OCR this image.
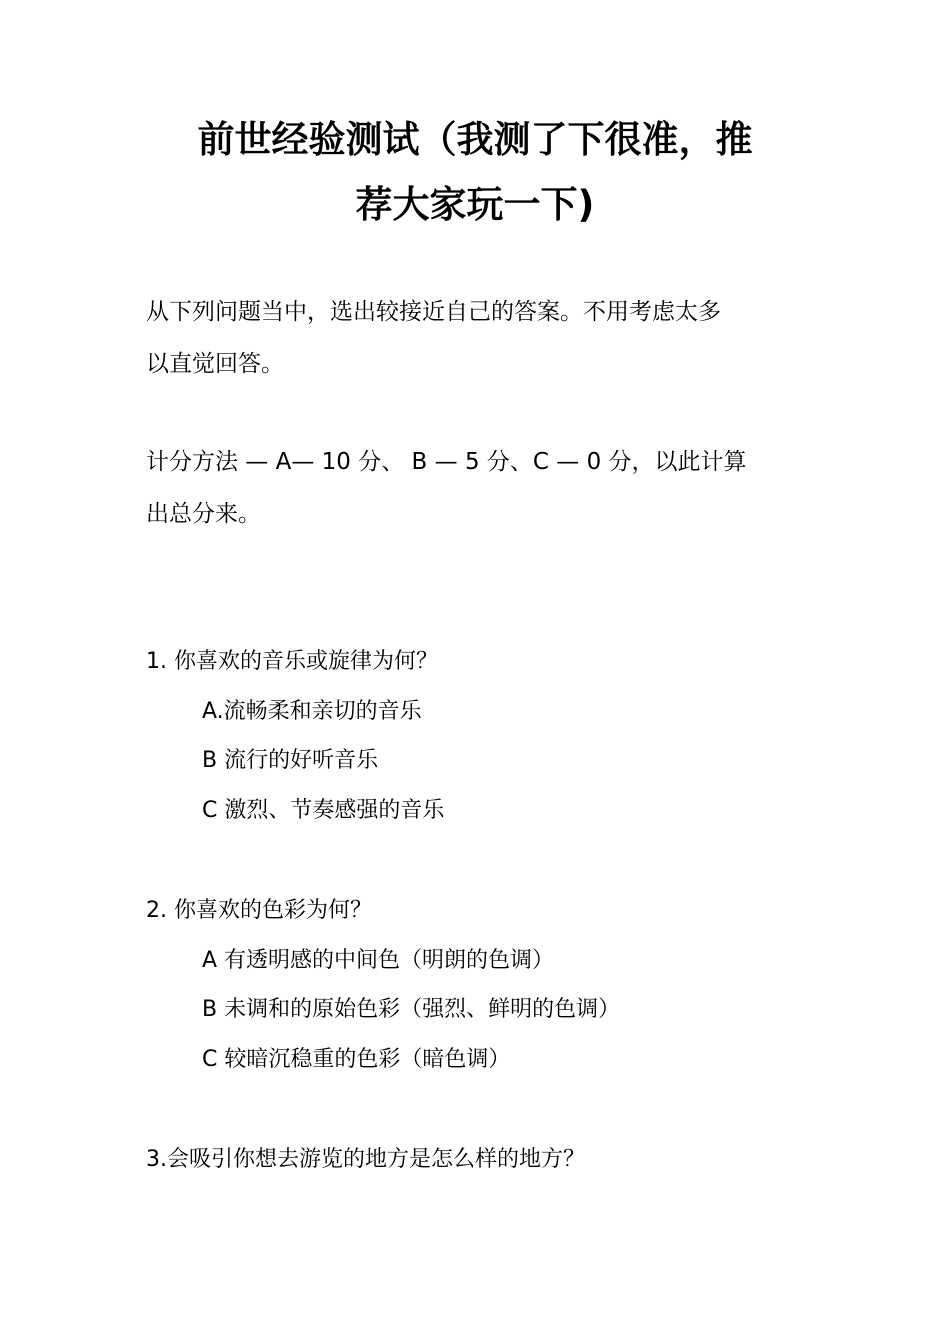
前世经验测试（我测了下很准，推
荐大家玩一下)
从下列问题当中，选出较接近自己的答案。不用考虑太多
以直觉回答。
计分方法 — A— 10 分、 B — 5 分、C — 0 分，以此计算
出总分来。
1. 你喜欢的音乐或旋律为何？
A.流畅柔和亲切的音乐
B 流行的好听音乐
C 激烈、节奏感强的音乐
2. 你喜欢的色彩为何？
A 有透明感的中间色（明朗的色调）
B 未调和的原始色彩（强烈、鲜明的色调）
C 较暗沉稳重的色彩（暗色调）
3.会吸引你想去游览的地方是怎么样的地方？
